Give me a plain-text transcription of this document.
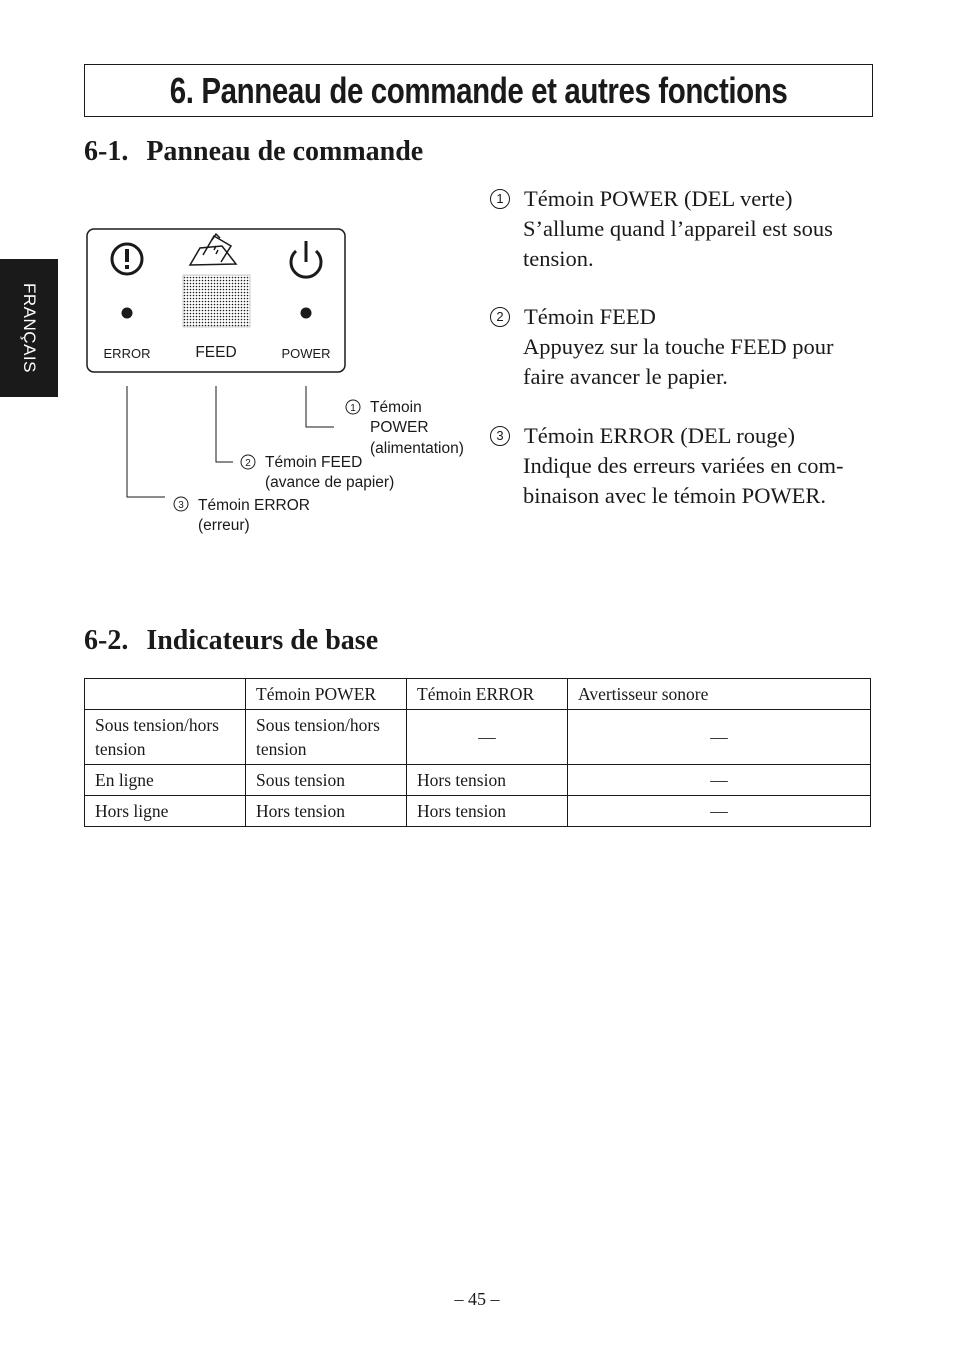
FRANÇAIS
6. Panneau de commande et autres fonctions
6-1. Panneau de commande
ERROR	FEED	POWER
1 Témoin
POWER
(alimentation)
2 Témoin FEED
(avance de papier)
3 Témoin ERROR
(erreur)
1 Témoin POWER (DEL verte)
S’allume quand l’appareil est sous
tension.
2 Témoin FEED
Appuyez sur la touche FEED pour
faire avancer le papier.
3 Témoin ERROR (DEL rouge)
Indique des erreurs variées en com-
binaison avec le témoin POWER.
6-2. Indicateurs de base
	Témoin POWER	Témoin ERROR	Avertisseur sonore
Sous tension/hors tension	Sous tension/hors tension	—	—
En ligne	Sous tension	Hors tension	—
Hors ligne	Hors tension	Hors tension	—
– 45 –
